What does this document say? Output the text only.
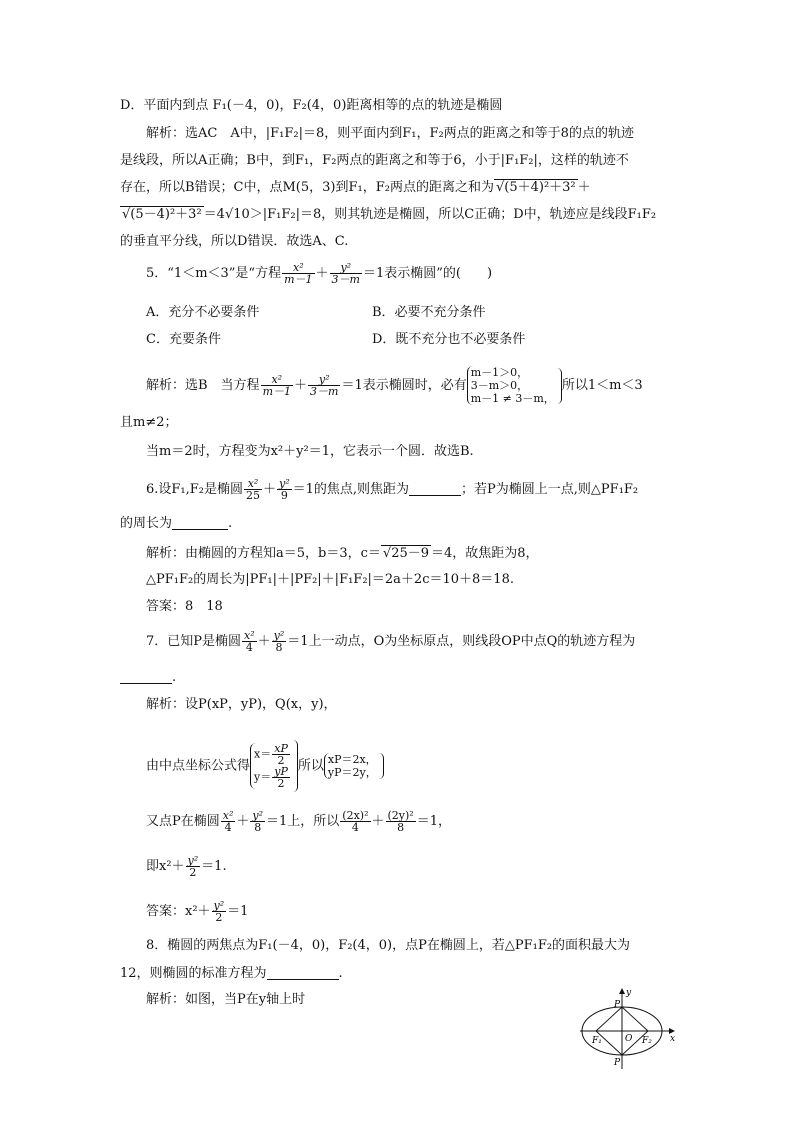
D．平面内到点 F₁(－4，0)，F₂(4，0)距离相等的点的轨迹是椭圆
解析：选AC　A中，|F₁F₂|＝8，则平面内到F₁，F₂两点的距离之和等于8的点的轨迹
是线段，所以A正确；B中，到F₁，F₂两点的距离之和等于6，小于|F₁F₂|，这样的轨迹不
存在，所以B错误；C中，点M(5，3)到F₁，F₂两点的距离之和为 √(5＋4)²＋3² ＋
√(5－4)²＋3² ＝4√10＞|F₁F₂|＝8，则其轨迹是椭圆，所以C正确；D中，轨迹应是线段F₁F₂
的垂直平分线，所以D错误．故选A、C.
5．“1＜m＜3”是“方程 $\frac{\text{x²}}{m-1} + \frac{\text{y²}}{3-m} =1$表示椭圆”的(　　)
A．充分不必要条件	B．必要不充分条件
C．充要条件	D．既不充分也不必要条件
解析：选B　当方程 $\frac{\text{x²}}{m-1} + \frac{\text{y²}}{3-m} =1$表示椭圆时，必有
m－1＞0，
3－m＞0，
m－1 ≠ 3－m，
所以1＜m＜3
且m≠2；
当m＝2时，方程变为x²＋y²＝1，它表示一个圆．故选B.
6.设F₁,F₂是椭圆 $\frac{\text{x²}}{25} + \frac{\text{y²}}{9} =1$的焦点,则焦距为	；若P为椭圆上一点,则△PF₁F₂
的周长为	.
解析：由椭圆的方程知a＝5，b＝3，c＝ √25－9 ＝4，故焦距为8，
△PF₁F₂的周长为|PF₁|＋|PF₂|＋|F₁F₂|＝2a＋2c＝10＋8＝18.
答案：8　18
7．已知P是椭圆 $\frac{\text{x²}}{4} + \frac{\text{y²}}{8} =1$上一动点，O为坐标原点，则线段OP中点Q的轨迹方程为
.
解析：设P(xP，yP)，Q(x，y)，
由中点坐标公式得
$x= \frac{xP}{2}$
$y= \frac{yP}{2}$ 所以 xP＝2x，
yP＝2y，
又点P在椭圆 $\frac{\text{x²}}{4} + \frac{\text{y²}}{8} =1$上，所以 $\frac{\text{(2x)²}}{4} + \frac{\text{(2y)²}}{8} =1$，
即$x^2+ \frac{\text{y²}}{2} =1$.
答案：$x^2+ \frac{\text{y²}}{2} =1$
8．椭圆的两焦点为F₁(－4，0)，F₂(4，0)，点P在椭圆上，若△PF₁F₂的面积最大为
12，则椭圆的标准方程为	.
解析：如图，当P在y轴上时	y
x
P
P
O
F₁	F₂
